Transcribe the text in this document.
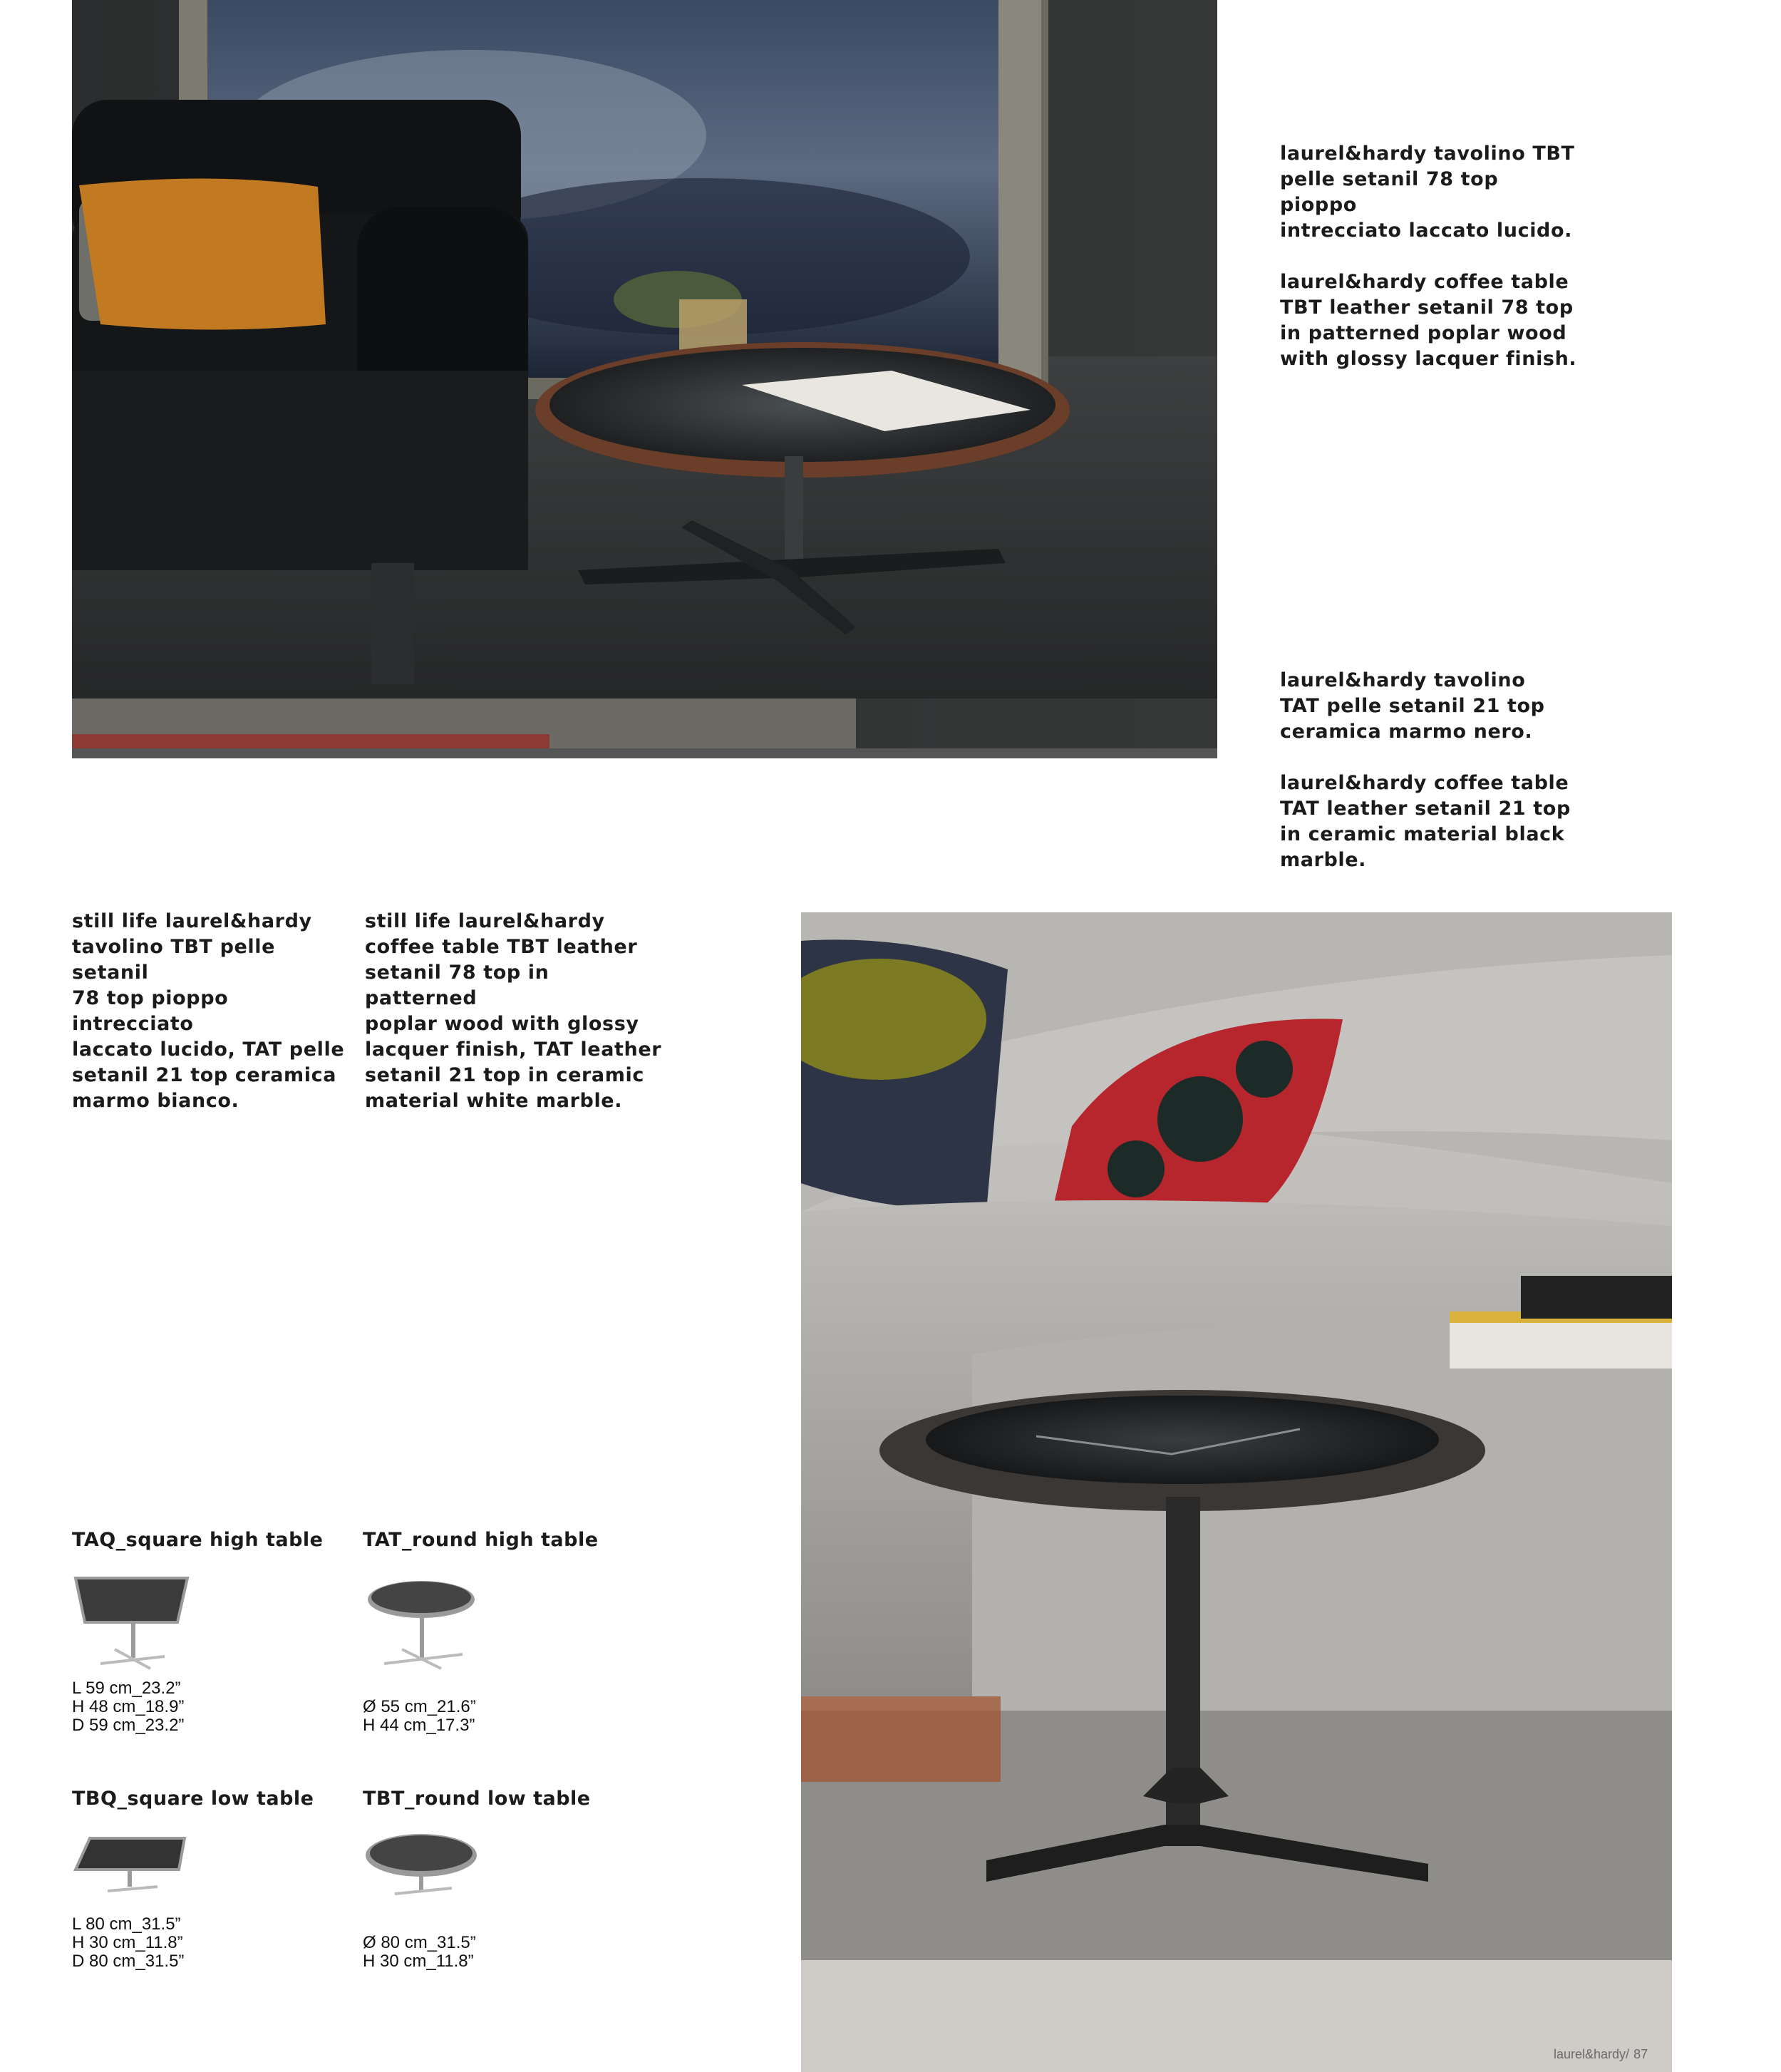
laurel&hardy tavolino TBT

pelle setanil 78 top pioppo

intrecciato laccato lucido.

laurel&hardy coffee table

TBT leather setanil 78 top

in patterned poplar wood

with glossy lacquer finish.

laurel&hardy tavolino

TAT pelle setanil 21 top

ceramica marmo nero.

laurel&hardy coffee table

TAT leather setanil 21 top

in ceramic material black

marble.

still life laurel&hardy

tavolino TBT pelle setanil

78 top pioppo intrecciato

laccato lucido, TAT pelle

setanil 21 top ceramica

marmo bianco.

still life laurel&hardy

coffee table TBT leather

setanil 78 top in patterned

poplar wood with glossy

lacquer finish, TAT leather

setanil 21 top in ceramic

material white marble.

TAQ_square high table

L 59 cm_23.2”

H 48 cm_18.9”

D 59 cm_23.2”

TAT_round high table

Ø 55 cm_21.6”

H 44 cm_17.3”

TBQ_square low table

L 80 cm_31.5”

H 30 cm_11.8”

D 80 cm_31.5”

TBT_round low table

Ø 80 cm_31.5”

H 30 cm_11.8”

laurel&hardy/ 87
